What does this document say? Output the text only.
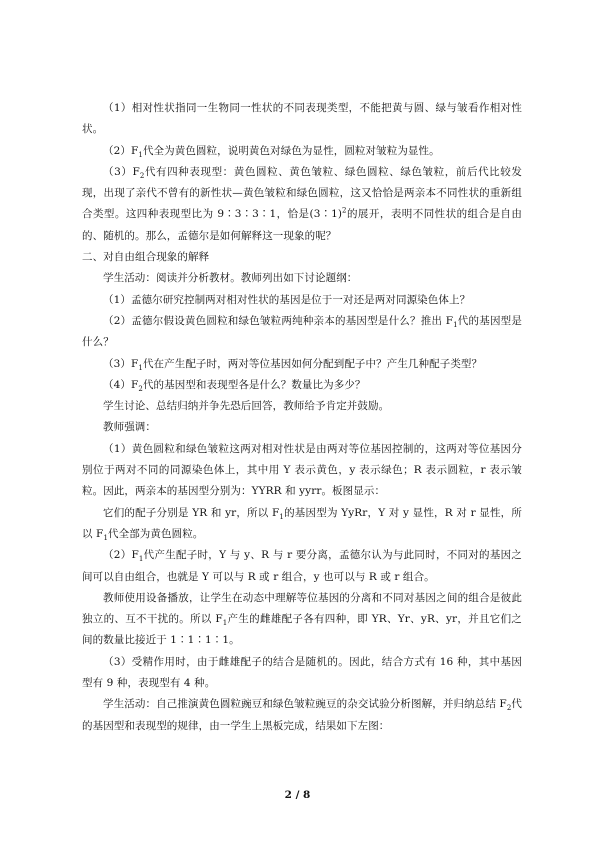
（1）相对性状指同一生物同一性状的不同表现类型，不能把黄与圆、绿与皱看作相对性状。

$(2)F_1$代全为黄色圆粒，说明黄色对绿色为显性，圆粒对皱粒为显性。

$(3)F_2$代有四种表现型：黄色圆粒、黄色皱粒、绿色圆粒、绿色皱粒，前后代比较发现，出现了亲代不曾有的新性状—黄色皱粒和绿色圆粒，这又恰恰是两亲本不同性状的重新组合类型。这四种表现型比为 9∶3∶3∶1，恰是(3∶1)$^2$的展开，表明不同性状的组合是自由的、随机的。那么，孟德尔是如何解释这一现象的呢？

二、对自由组合现象的解释

学生活动：阅读并分析教材。教师列出如下讨论题纲：

（1）孟德尔研究控制两对相对性状的基因是位于一对还是两对同源染色体上？

（2）孟德尔假设黄色圆粒和绿色皱粒两纯种亲本的基因型是什么？推出 $F_1$代的基因型是什么？

$(3)F_1$代在产生配子时，两对等位基因如何分配到配子中？产生几种配子类型？

$(4)F_2$代的基因型和表现型各是什么？数量比为多少？

学生讨论、总结归纳并争先恐后回答，教师给予肯定并鼓励。

教师强调：

（1）黄色圆粒和绿色皱粒这两对相对性状是由两对等位基因控制的，这两对等位基因分别位于两对不同的同源染色体上，其中用 Y 表示黄色，y 表示绿色；R 表示圆粒，r 表示皱粒。因此，两亲本的基因型分别为：YYRR 和 yyrr。板图显示：

它们的配子分别是 YR 和 yr，所以 $F_1$的基因型为 YyRr，Y 对 y 显性，R 对 r 显性，所以 $F_1$代全部为黄色圆粒。

$(2)F_1$代产生配子时，Y 与 y、R 与 r 要分离，孟德尔认为与此同时，不同对的基因之间可以自由组合，也就是 Y 可以与 R 或 r 组合，y 也可以与 R 或 r 组合。

教师使用设备播放，让学生在动态中理解等位基因的分离和不同对基因之间的组合是彼此独立的、互不干扰的。所以 $F_1$产生的雌雄配子各有四种，即 YR、Yr、yR、yr，并且它们之间的数量比接近于 1∶1∶1∶1。

（3）受精作用时，由于雌雄配子的结合是随机的。因此，结合方式有 16 种，其中基因型有 9 种，表现型有 4 种。

学生活动：自己推演黄色圆粒豌豆和绿色皱粒豌豆的杂交试验分析图解，并归纳总结 $F_2$代的基因型和表现型的规律，由一学生上黑板完成，结果如下左图：

2 / 8
